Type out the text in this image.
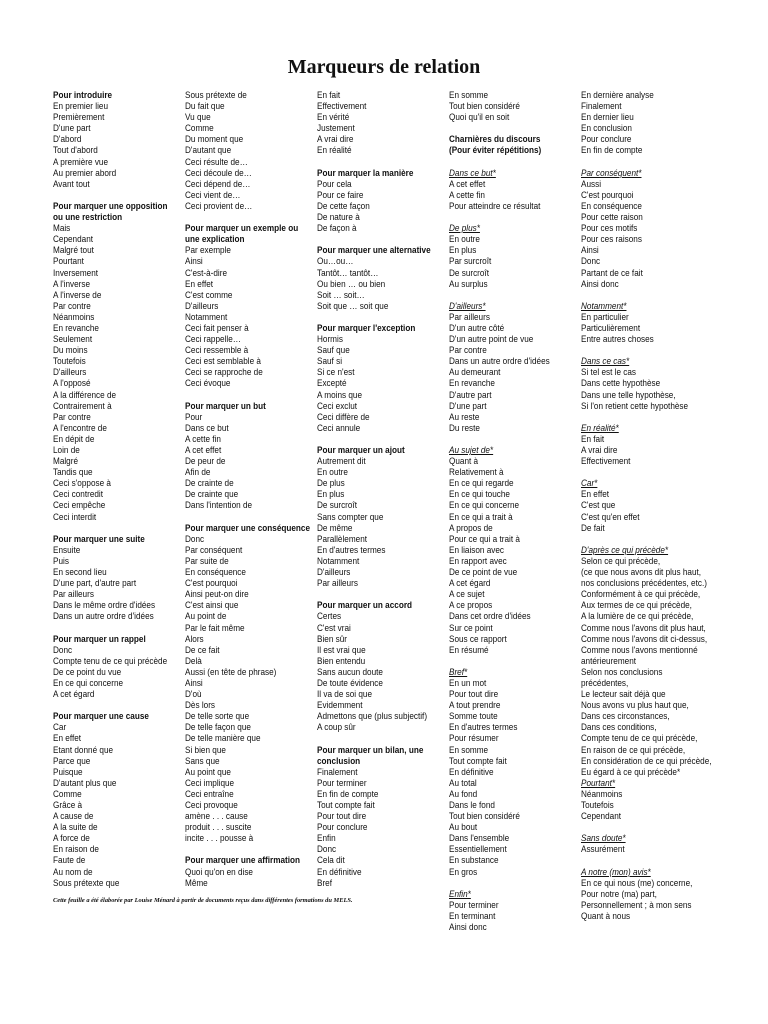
Marqueurs de relation
Pour introduire
En premier lieu
Premièrement
D'une part
D'abord
Tout d'abord
A première vue
Au premier abord
Avant tout
Pour marquer une opposition
ou une restriction
Mais
Cependant
Malgré tout
Pourtant
Inversement
A l'inverse
A l'inverse de
Par contre
Néanmoins
En revanche
Seulement
Du moins
Toutefois
D'ailleurs
A l'opposé
A la différence de
Contrairement à
Par contre
A l'encontre de
En dépit de
Loin de
Malgré
Tandis que
Ceci s'oppose à
Ceci contredit
Ceci empêche
Ceci interdit
Pour marquer une suite
Ensuite
Puis
En second lieu
D'une part, d'autre part
Par ailleurs
Dans le même ordre d'idées
Dans un autre ordre d'idées
Pour marquer un rappel
Donc
Compte tenu de ce qui précède
De ce point du vue
En ce qui concerne
A cet égard
Pour marquer une cause
Car
En effet
Etant donné que
Parce que
Puisque
D'autant plus que
Comme
Grâce à
A cause de
A la suite de
A force de
En raison de
Faute de
Au nom de
Sous prétexte que
Sous prétexte de
Du fait que
Vu que
Comme
Du moment que
D'autant que
Ceci résulte de…
Ceci découle de…
Ceci dépend de…
Ceci vient de…
Ceci provient de…
Pour marquer un exemple ou
une explication
Par exemple
Ainsi
C'est-à-dire
En effet
C'est comme
D'ailleurs
Notamment
Ceci fait penser à
Ceci rappelle…
Ceci ressemble à
Ceci est semblable à
Ceci se rapproche de
Ceci évoque
Pour marquer un but
Pour
Dans ce but
A cette fin
A cet effet
De peur de
Afin de
De crainte de
De crainte que
Dans l'intention de
Pour marquer une conséquence
Donc
Par conséquent
Par suite de
En conséquence
C'est pourquoi
Ainsi peut-on dire
C'est ainsi que
Au point de
Par le fait même
Alors
De ce fait
Delà
Aussi (en tête de phrase)
Ainsi
D'où
Dès lors
De telle sorte que
De telle façon que
De telle manière que
Si bien que
Sans que
Au point que
Ceci implique
Ceci entraîne
Ceci provoque
amène . . . cause
produit . . . suscite
incite . . . pousse à
Pour marquer une affirmation
Quoi qu'on en dise
Même
En fait
Effectivement
En vérité
Justement
A vrai dire
En réalité
Pour marquer la manière
Pour cela
Pour ce faire
De cette façon
De nature à
De façon à
Pour marquer une alternative
Ou…ou…
Tantôt… tantôt…
Ou bien … ou bien
Soit … soit…
Soit que … soit que
Pour marquer l'exception
Hormis
Sauf que
Sauf si
Si ce n'est
Excepté
A moins que
Ceci exclut
Ceci diffère de
Ceci annule
Pour marquer un ajout
Autrement dit
En outre
De plus
En plus
De surcroît
Sans compter que
De même
Parallèlement
En d'autres termes
Notamment
D'ailleurs
Par ailleurs
Pour marquer un accord
Certes
C'est vrai
Bien sûr
Il est vrai que
Bien entendu
Sans aucun doute
De toute évidence
Il va de soi que
Evidemment
Admettons que (plus subjectif)
A coup sûr
Pour marquer un bilan, une
conclusion
Finalement
Pour terminer
En fin de compte
Tout compte fait
Pour tout dire
Pour conclure
Enfin
Donc
Cela dit
En définitive
Bref
En somme
Tout bien considéré
Quoi qu'il en soit
Charnières du discours
(Pour éviter répétitions)
Dans ce but*
A cet effet
A cette fin
Pour atteindre ce résultat
De plus*
En outre
En plus
Par surcroît
De surcroît
Au surplus
D'ailleurs*
Par ailleurs
D'un autre côté
D'un autre point de vue
Par contre
Dans un autre ordre d'idées
Au demeurant
En revanche
D'autre part
D'une part
Au reste
Du reste
Au sujet de*
Quant à
Relativement à
En ce qui regarde
En ce qui touche
En ce qui concerne
En ce qui a trait à
A propos de
Pour ce qui a trait à
En liaison avec
En rapport avec
De ce point de vue
A cet égard
A ce sujet
A ce propos
Dans cet ordre d'idées
Sur ce point
Sous ce rapport
En résumé
Bref*
En un mot
Pour tout dire
A tout prendre
Somme toute
En d'autres termes
Pour résumer
En somme
Tout compte fait
En définitive
Au total
Au fond
Dans le fond
Tout bien considéré
Au bout
Dans l'ensemble
Essentiellement
En substance
En gros
Enfin*
Pour terminer
En terminant
Ainsi donc
En dernière analyse
Finalement
En dernier lieu
En conclusion
Pour conclure
En fin de compte
Par conséquent*
Aussi
C'est pourquoi
En conséquence
Pour cette raison
Pour ces motifs
Pour ces raisons
Ainsi
Donc
Partant de ce fait
Ainsi donc
Notamment*
En particulier
Particulièrement
Entre autres choses
Dans ce cas*
Si tel est le cas
Dans cette hypothèse
Dans une telle hypothèse,
Si l'on retient cette hypothèse
En réalité*
En fait
A vrai dire
Effectivement
Car*
En effet
C'est que
C'est qu'en effet
De fait
D'après ce qui précède*
Selon ce qui précède,
(ce que nous avons dit plus haut,
nos conclusions précédentes, etc.)
Conformément à ce qui précède,
Aux termes de ce qui précède,
A la lumière de ce qui précède,
Comme nous l'avons dit plus haut,
Comme nous l'avons dit ci-dessus,
Comme nous l'avons mentionné
antérieurement
Selon nos conclusions
précédentes,
Le lecteur sait déjà que
Nous avons vu plus haut que,
Dans ces circonstances,
Dans ces conditions,
Compte tenu de ce qui précède,
En raison de ce qui précède,
En considération de ce qui précède,
Eu égard à ce qui précède*
Pourtant*
Néanmoins
Toutefois
Cependant
Sans doute*
Assurément
A notre (mon) avis*
En ce qui nous (me) concerne,
Pour notre (ma) part,
Personnellement ; à mon sens
Quant à nous
Cette feuille a été élaborée par Louise Ménard à partir de documents reçus dans différentes formations du MELS.
